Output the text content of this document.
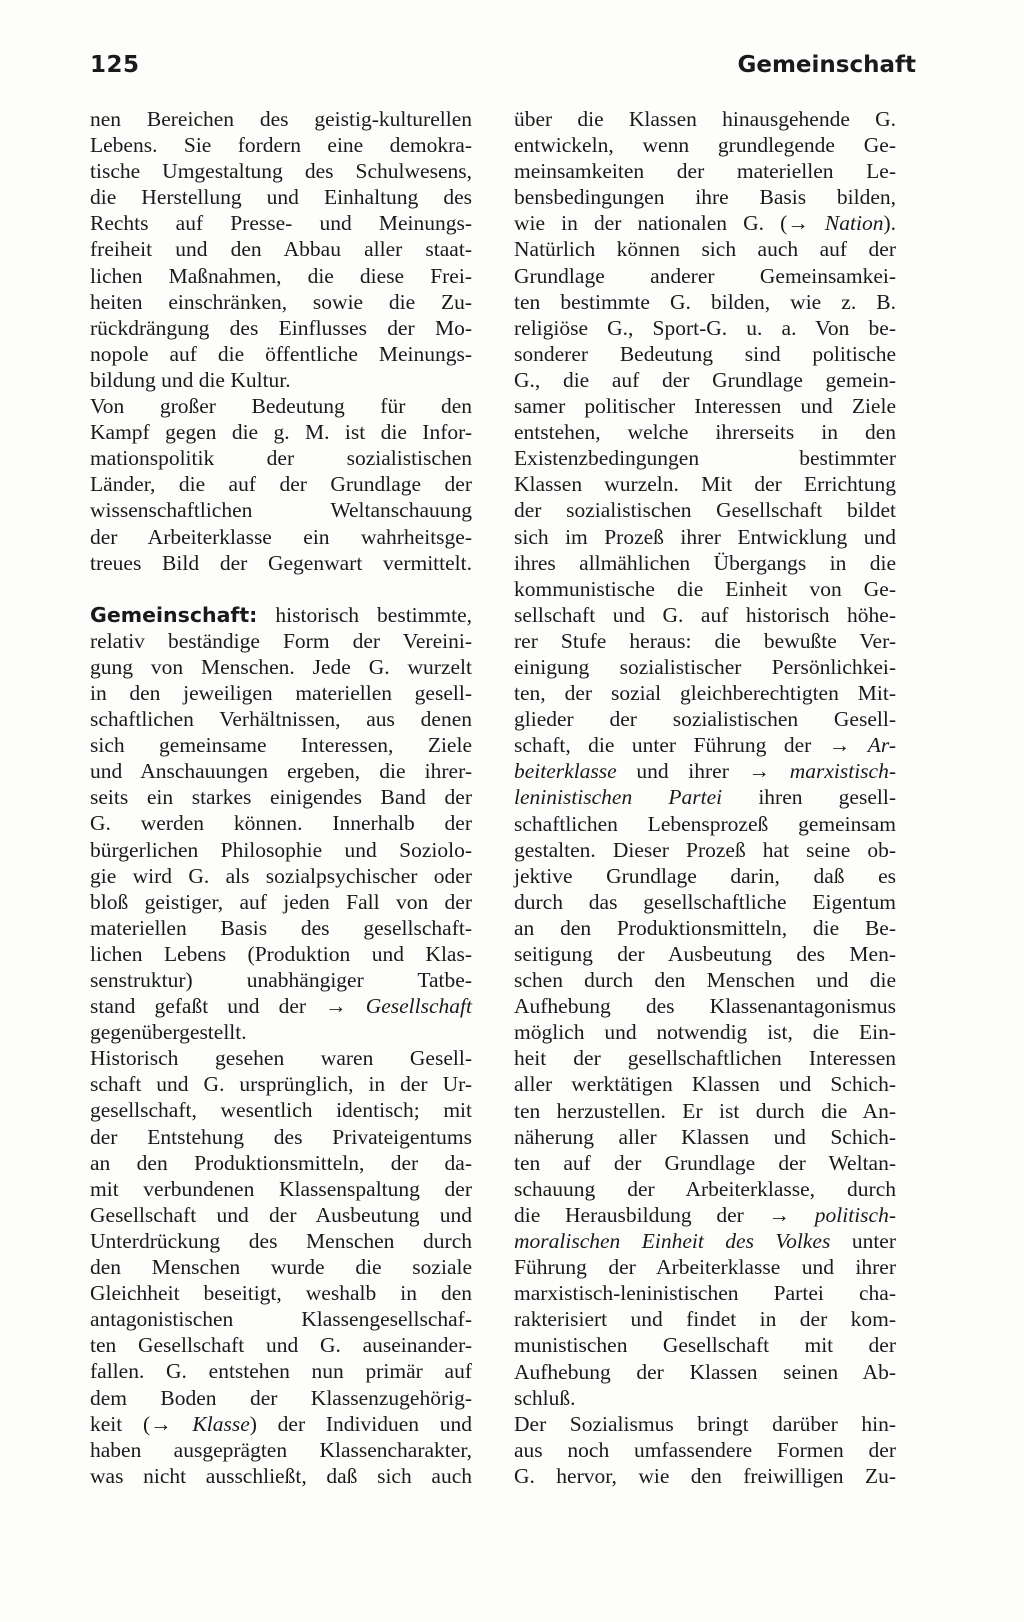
125	Gemeinschaft
nen Bereichen des geistig-kulturellen
Lebens. Sie fordern eine demokra-
tische Umgestaltung des Schulwesens,
die Herstellung und Einhaltung des
Rechts auf Presse- und Meinungs-
freiheit und den Abbau aller staat-
lichen Maßnahmen, die diese Frei-
heiten einschränken, sowie die Zu-
rückdrängung des Einflusses der Mo-
nopole auf die öffentliche Meinungs-
bildung und die Kultur.
Von großer Bedeutung für den
Kampf gegen die g. M. ist die Infor-
mationspolitik der sozialistischen
Länder, die auf der Grundlage der
wissenschaftlichen Weltanschauung
der Arbeiterklasse ein wahrheitsge-
treues Bild der Gegenwart vermittelt.
Gemeinschaft: historisch bestimmte,
relativ beständige Form der Vereini-
gung von Menschen. Jede G. wurzelt
in den jeweiligen materiellen gesell-
schaftlichen Verhältnissen, aus denen
sich gemeinsame Interessen, Ziele
und Anschauungen ergeben, die ihrer-
seits ein starkes einigendes Band der
G. werden können. Innerhalb der
bürgerlichen Philosophie und Soziolo-
gie wird G. als sozialpsychischer oder
bloß geistiger, auf jeden Fall von der
materiellen Basis des gesellschaft-
lichen Lebens (Produktion und Klas-
senstruktur) unabhängiger Tatbe-
stand gefaßt und der → Gesellschaft
gegenübergestellt.
Historisch gesehen waren Gesell-
schaft und G. ursprünglich, in der Ur-
gesellschaft, wesentlich identisch; mit
der Entstehung des Privateigentums
an den Produktionsmitteln, der da-
mit verbundenen Klassenspaltung der
Gesellschaft und der Ausbeutung und
Unterdrückung des Menschen durch
den Menschen wurde die soziale
Gleichheit beseitigt, weshalb in den
antagonistischen Klassengesellschaf-
ten Gesellschaft und G. auseinander-
fallen. G. entstehen nun primär auf
dem Boden der Klassenzugehörig-
keit (→ Klasse) der Individuen und
haben ausgeprägten Klassencharakter,
was nicht ausschließt, daß sich auch
über die Klassen hinausgehende G.
entwickeln, wenn grundlegende Ge-
meinsamkeiten der materiellen Le-
bensbedingungen ihre Basis bilden,
wie in der nationalen G. (→ Nation).
Natürlich können sich auch auf der
Grundlage anderer Gemeinsamkei-
ten bestimmte G. bilden, wie z. B.
religiöse G., Sport-G. u. a. Von be-
sonderer Bedeutung sind politische
G., die auf der Grundlage gemein-
samer politischer Interessen und Ziele
entstehen, welche ihrerseits in den
Existenzbedingungen bestimmter
Klassen wurzeln. Mit der Errichtung
der sozialistischen Gesellschaft bildet
sich im Prozeß ihrer Entwicklung und
ihres allmählichen Übergangs in die
kommunistische die Einheit von Ge-
sellschaft und G. auf historisch höhe-
rer Stufe heraus: die bewußte Ver-
einigung sozialistischer Persönlichkei-
ten, der sozial gleichberechtigten Mit-
glieder der sozialistischen Gesell-
schaft, die unter Führung der → Ar-
beiterklasse und ihrer → marxistisch-
leninistischen Partei ihren gesell-
schaftlichen Lebensprozeß gemeinsam
gestalten. Dieser Prozeß hat seine ob-
jektive Grundlage darin, daß es
durch das gesellschaftliche Eigentum
an den Produktionsmitteln, die Be-
seitigung der Ausbeutung des Men-
schen durch den Menschen und die
Aufhebung des Klassenantagonismus
möglich und notwendig ist, die Ein-
heit der gesellschaftlichen Interessen
aller werktätigen Klassen und Schich-
ten herzustellen. Er ist durch die An-
näherung aller Klassen und Schich-
ten auf der Grundlage der Weltan-
schauung der Arbeiterklasse, durch
die Herausbildung der → politisch-
moralischen Einheit des Volkes unter
Führung der Arbeiterklasse und ihrer
marxistisch-leninistischen Partei cha-
rakterisiert und findet in der kom-
munistischen Gesellschaft mit der
Aufhebung der Klassen seinen Ab-
schluß.
Der Sozialismus bringt darüber hin-
aus noch umfassendere Formen der
G. hervor, wie den freiwilligen Zu-
